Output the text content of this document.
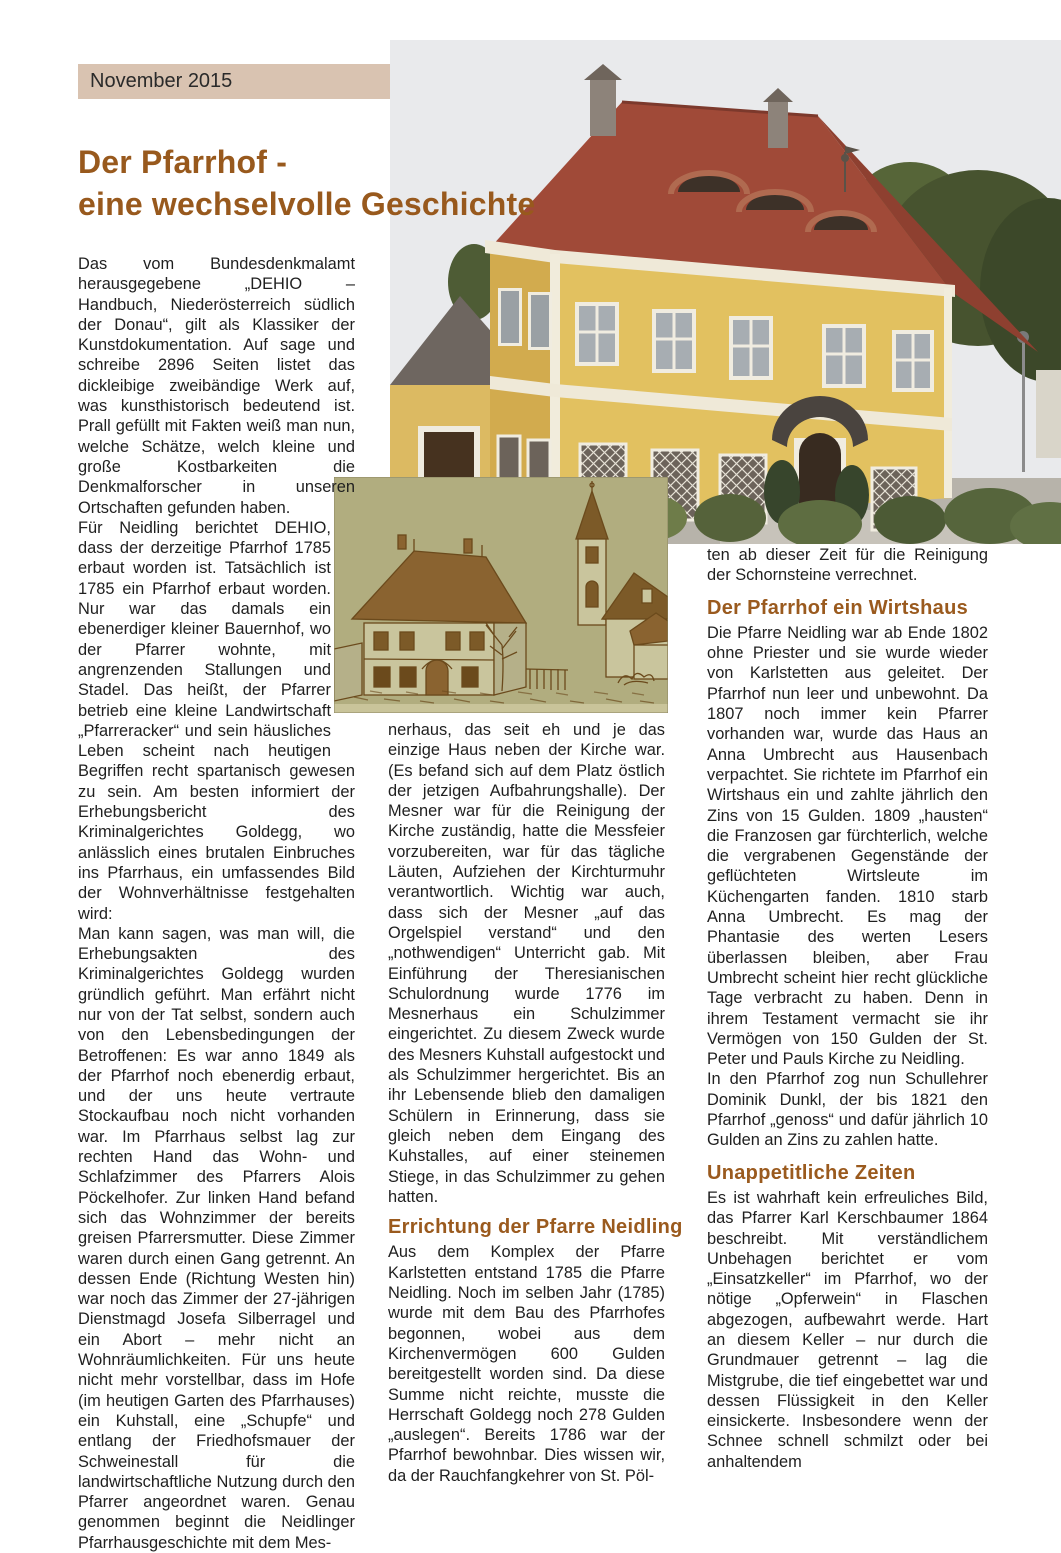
November 2015
Der Pfarrhof -
eine wechselvolle Geschichte

Das vom Bundesdenkmalamt herausgegebene „DEHIO – Handbuch, Niederösterreich südlich der Donau“, gilt als Klassiker der Kunstdokumentation. Auf sage und schreibe 2896 Seiten listet das dickleibige zweibändige Werk auf, was kunsthistorisch bedeutend ist. Prall gefüllt mit Fakten weiß man nun, welche Schätze, welch kleine und große Kostbarkeiten die Denkmalforscher in unseren Ortschaften gefunden haben.

Für Neidling berichtet DEHIO, dass der derzeitige Pfarrhof 1785 erbaut worden ist. Tatsächlich ist 1785 ein Pfarrhof erbaut worden. Nur war das damals ein ebenerdiger kleiner Bauernhof, wo der Pfarrer wohnte, mit angrenzenden Stallungen und Stadel. Das heißt, der Pfarrer betrieb eine kleine Landwirtschaft „Pfarreracker“ und sein häusliches Leben scheint nach heutigen Begriffen recht spartanisch gewesen zu sein. Am besten informiert der Erhebungsbericht des Kriminalgerichtes Goldegg, wo anlässlich eines brutalen Einbruches ins Pfarrhaus, ein umfassendes Bild der Wohnverhältnisse festgehalten wird:

Man kann sagen, was man will, die Erhebungsakten des Kriminalgerichtes Goldegg wurden gründlich geführt. Man erfährt nicht nur von der Tat selbst, sondern auch von den Lebensbedingungen der Betroffenen: Es war anno 1849 als der Pfarrhof noch ebenerdig erbaut, und der uns heute vertraute Stockaufbau noch nicht vorhanden war. Im Pfarrhaus selbst lag zur rechten Hand das Wohn- und Schlafzimmer des Pfarrers Alois Pöckelhofer. Zur linken Hand befand sich das Wohnzimmer der bereits greisen Pfarrersmutter. Diese Zimmer waren durch einen Gang getrennt. An dessen Ende (Richtung Westen hin) war noch das Zimmer der 27-jährigen Dienstmagd Josefa Silberragel und ein Abort – mehr nicht an Wohnräumlichkeiten. Für uns heute nicht mehr vorstellbar, dass im Hofe (im heutigen Garten des Pfarrhauses) ein Kuhstall, eine „Schupfe“ und entlang der Friedhofsmauer der Schweinestall für die landwirtschaftliche Nutzung durch den Pfarrer angeordnet waren. Genau genommen beginnt die Neidlinger Pfarrhausgeschichte mit dem Mes-

nerhaus, das seit eh und je das einzige Haus neben der Kirche war. (Es befand sich auf dem Platz östlich der jetzigen Aufbahrungshalle). Der Mesner war für die Reinigung der Kirche zuständig, hatte die Messfeier vorzubereiten, war für das tägliche Läuten, Aufziehen der Kirchturmuhr verantwortlich. Wichtig war auch, dass sich der Mesner „auf das Orgelspiel verstand“ und den „nothwendigen“ Unterricht gab. Mit Einführung der Theresianischen Schulordnung wurde 1776 im Mesnerhaus ein Schulzimmer eingerichtet. Zu diesem Zweck wurde des Mesners Kuhstall aufgestockt und als Schulzimmer hergerichtet. Bis an ihr Lebensende blieb den damaligen Schülern in Erinnerung, dass sie gleich neben dem Eingang des Kuhstalles, auf einer steinemen Stiege, in das Schulzimmer zu gehen hatten.

Errichtung der Pfarre Neidling

Aus dem Komplex der Pfarre Karlstetten entstand 1785 die Pfarre Neidling. Noch im selben Jahr (1785) wurde mit dem Bau des Pfarrhofes begonnen, wobei aus dem Kirchenvermögen 600 Gulden bereitgestellt worden sind. Da diese Summe nicht reichte, musste die Herrschaft Goldegg noch 278 Gulden „auslegen“. Bereits 1786 war der Pfarrhof bewohnbar. Dies wissen wir, da der Rauchfangkehrer von St. Pöl-

ten ab dieser Zeit für die Reinigung der Schornsteine verrechnet.

Der Pfarrhof ein Wirtshaus

Die Pfarre Neidling war ab Ende 1802 ohne Priester und sie wurde wieder von Karlstetten aus geleitet. Der Pfarrhof nun leer und unbewohnt. Da 1807 noch immer kein Pfarrer vorhanden war, wurde das Haus an Anna Umbrecht aus Hausenbach verpachtet. Sie richtete im Pfarrhof ein Wirtshaus ein und zahlte jährlich den Zins von 15 Gulden. 1809 „hausten“ die Franzosen gar fürchterlich, welche die vergrabenen Gegenstände der geflüchteten Wirtsleute im Küchengarten fanden. 1810 starb Anna Umbrecht. Es mag der Phantasie des werten Lesers überlassen bleiben, aber Frau Umbrecht scheint hier recht glückliche Tage verbracht zu haben. Denn in ihrem Testament vermacht sie ihr Vermögen von 150 Gulden der St. Peter und Pauls Kirche zu Neidling.

In den Pfarrhof zog nun Schullehrer Dominik Dunkl, der bis 1821 den Pfarrhof „genoss“ und dafür jährlich 10 Gulden an Zins zu zahlen hatte.

Unappetitliche Zeiten

Es ist wahrhaft kein erfreuliches Bild, das Pfarrer Karl Kerschbaumer 1864 beschreibt. Mit verständlichem Unbehagen berichtet er vom „Einsatzkeller“ im Pfarrhof, wo der nötige „Opferwein“ in Flaschen abgezogen, aufbewahrt werde. Hart an diesem Keller – nur durch die Grundmauer getrennt – lag die Mistgrube, die tief eingebettet war und dessen Flüssigkeit in den Keller einsickerte. Insbesondere wenn der Schnee schnell schmilzt oder bei anhaltendem
